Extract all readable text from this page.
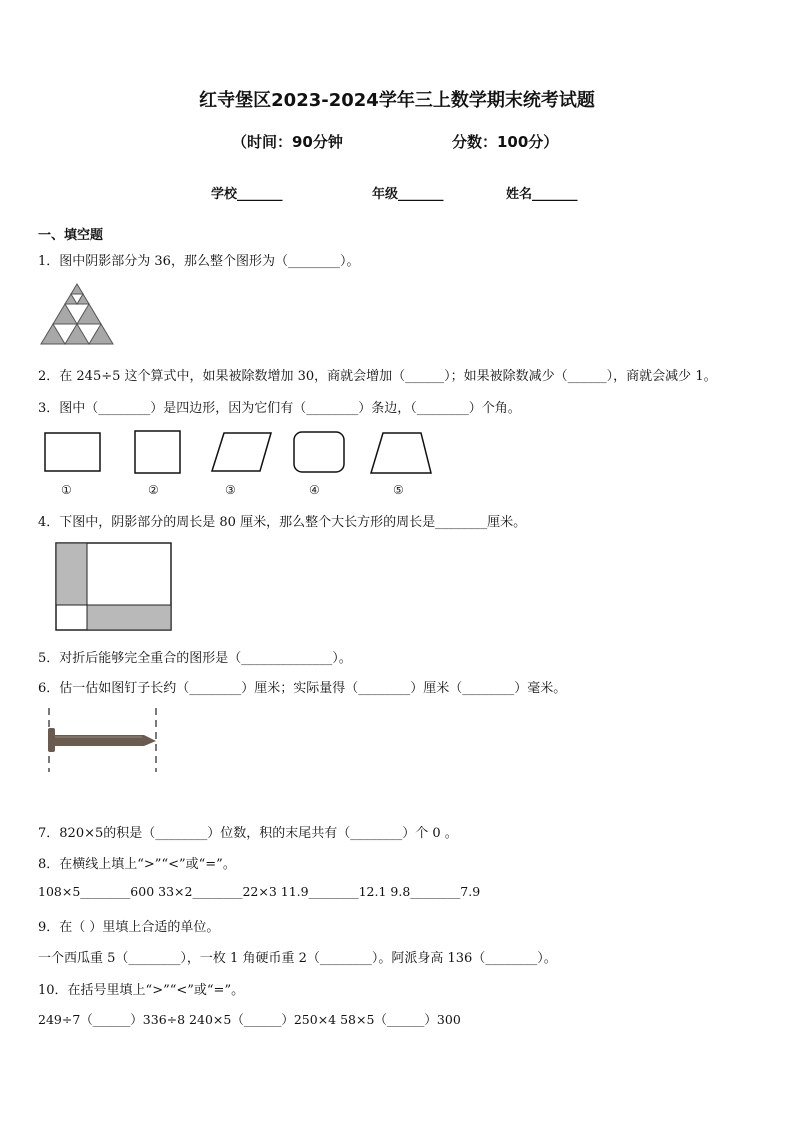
红寺堡区2023-2024学年三上数学期末统考试题
（时间：90分钟	分数：100分）
学校_______	年级_______	姓名_______
一、填空题
1．图中阴影部分为 36，那么整个图形为（________）。
2．在 245÷5 这个算式中，如果被除数增加 30，商就会增加（______）；如果被除数减少（______），商就会减少 1。
3．图中（________）是四边形，因为它们有（________）条边，（________）个角。
①	②	③	④	⑤
4．下图中，阴影部分的周长是 80 厘米，那么整个大长方形的周长是________厘米。
5．对折后能够完全重合的图形是（______________）。
6．估一估如图钉子长约（________）厘米；实际量得（________）厘米（________）毫米。
7．820×5的积是（________）位数，积的末尾共有（________）个 0 。
8．在横线上填上“>”“<”或“=”。
108×5________600 33×2________22×3 11.9________12.1 9.8________7.9
9．在（ ）里填上合适的单位。
一个西瓜重 5（________），一枚 1 角硬币重 2（________）。阿派身高 136（________）。
10．在括号里填上“>”“<”或“=”。
249÷7（______）336÷8 240×5（______）250×4 58×5（______）300
